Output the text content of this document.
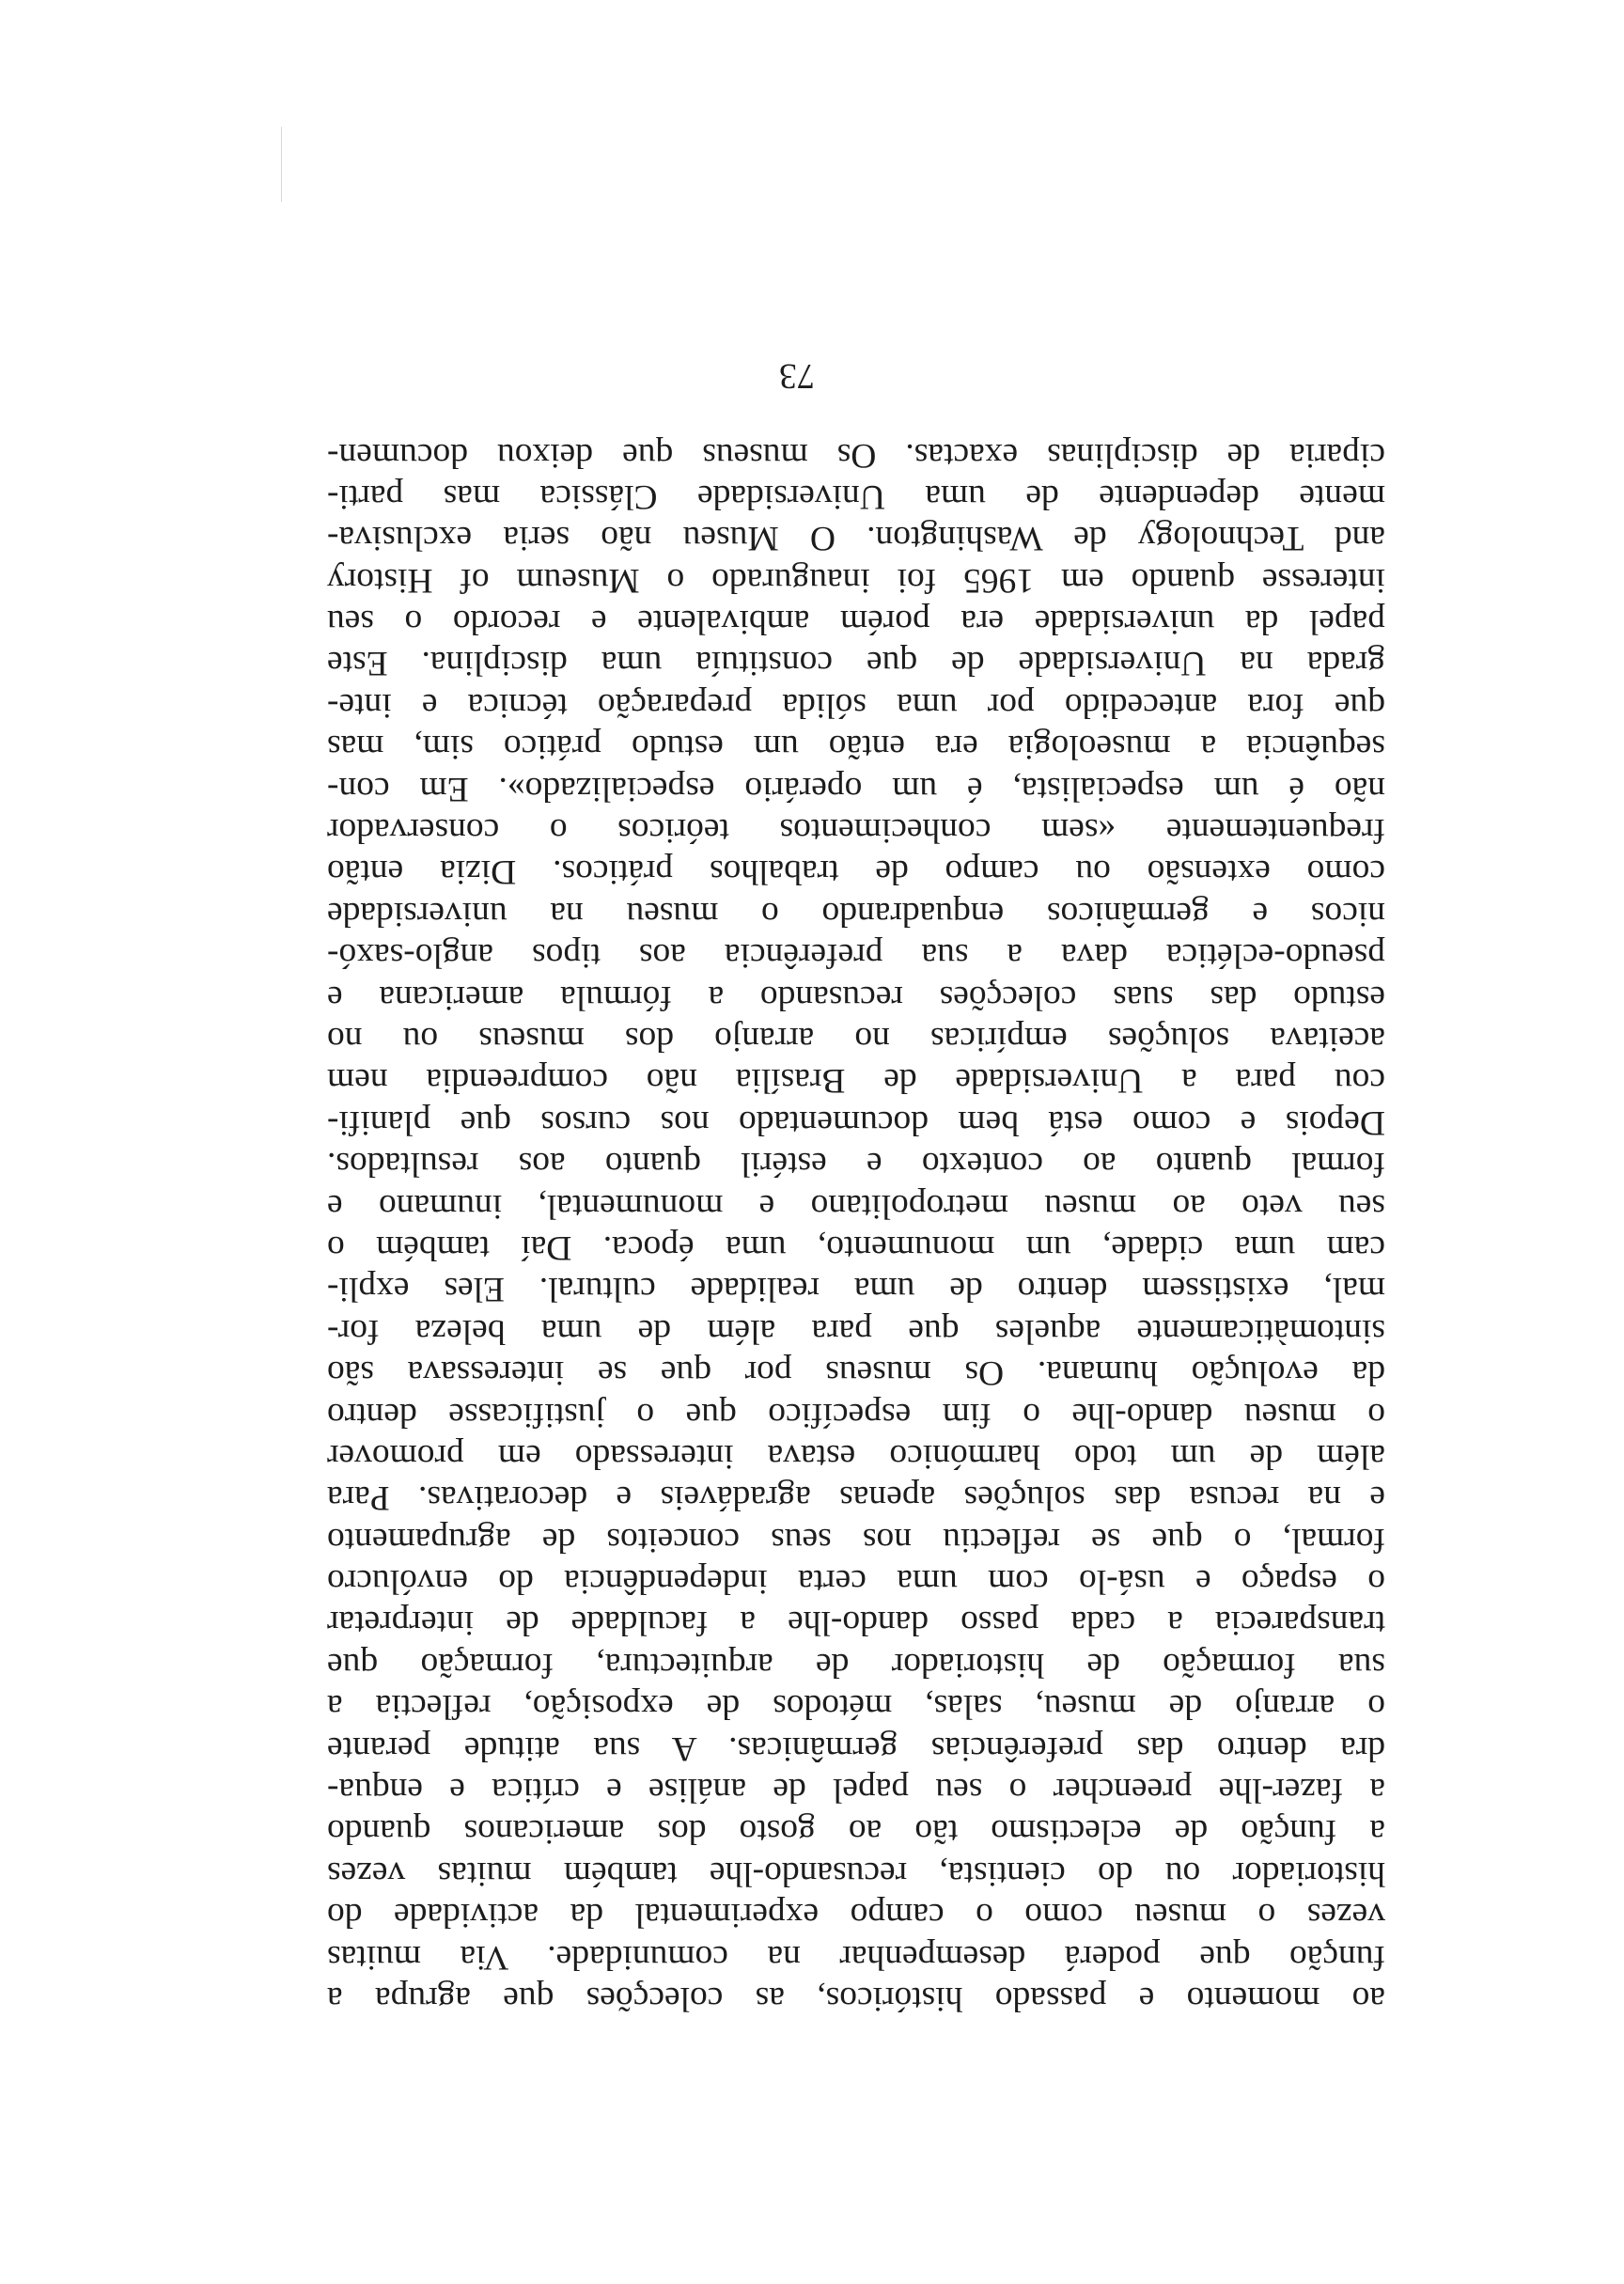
ao momento e passado históricos, as colecções que agrupa a
função que poderá desempenhar na comunidade. Via muitas
vezes o museu como o campo experimental da actividade do
historiador ou do cientista, recusando-lhe também muitas vezes
a função de eclectismo tão ao gosto dos americanos quando
a fazer-lhe preencher o seu papel de análise e crítica e enqua-
dra dentro das preferências germânicas. A sua atitude perante
o arranjo de museu, salas, métodos de exposição, reflectia a
sua formação de historiador de arquitectura, formação que
transparecia a cada passo dando-lhe a faculdade de interpretar
o espaço e usá-lo com uma certa independência do envólucro
formal, o que se reflectiu nos seus conceitos de agrupamento
e na recusa das soluções apenas agradáveis e decorativas. Para
além de um todo harmónico estava interessado em promover
o museu dando-lhe o fim específico que o justificasse dentro
da evolução humana. Os museus por que se interessava são
sintomàticamente aqueles que para além de uma beleza for-
mal, existissem dentro de uma realidade cultural. Eles expli-
cam uma cidade, um monumento, uma época. Daí também o
seu veto ao museu metropolitano e monumental, inumano e
formal quanto ao contexto e estéril quanto aos resultados.
Depois e como está bem documentado nos cursos que planifi-
cou para a Universidade de Brasília não compreendia nem
aceitava soluções empíricas no arranjo dos museus ou no
estudo das suas colecções recusando a fórmula americana e
pseudo-eclética dava a sua preferência aos tipos anglo-saxó-
nicos e germânicos enquadrando o museu na universidade
como extensão ou campo de trabalhos práticos. Dizia então
frequentemente «sem conhecimentos teóricos o conservador
não é um especialista, é um operário especializado». Em con-
sequência a museologia era então um estudo prático sim, mas
que fora antecedido por uma sólida preparação técnica e inte-
grada na Universidade de que constituía uma disciplina. Este
papel da universidade era porém ambivalente e recordo o seu
interesse quando em 1965 foi inaugurado o Museum of History
and Technology de Washington. O Museu não seria exclusiva-
mente dependente de uma Universidade Clássica mas parti-
ciparia de disciplinas exactas. Os museus que deixou documen-
73
